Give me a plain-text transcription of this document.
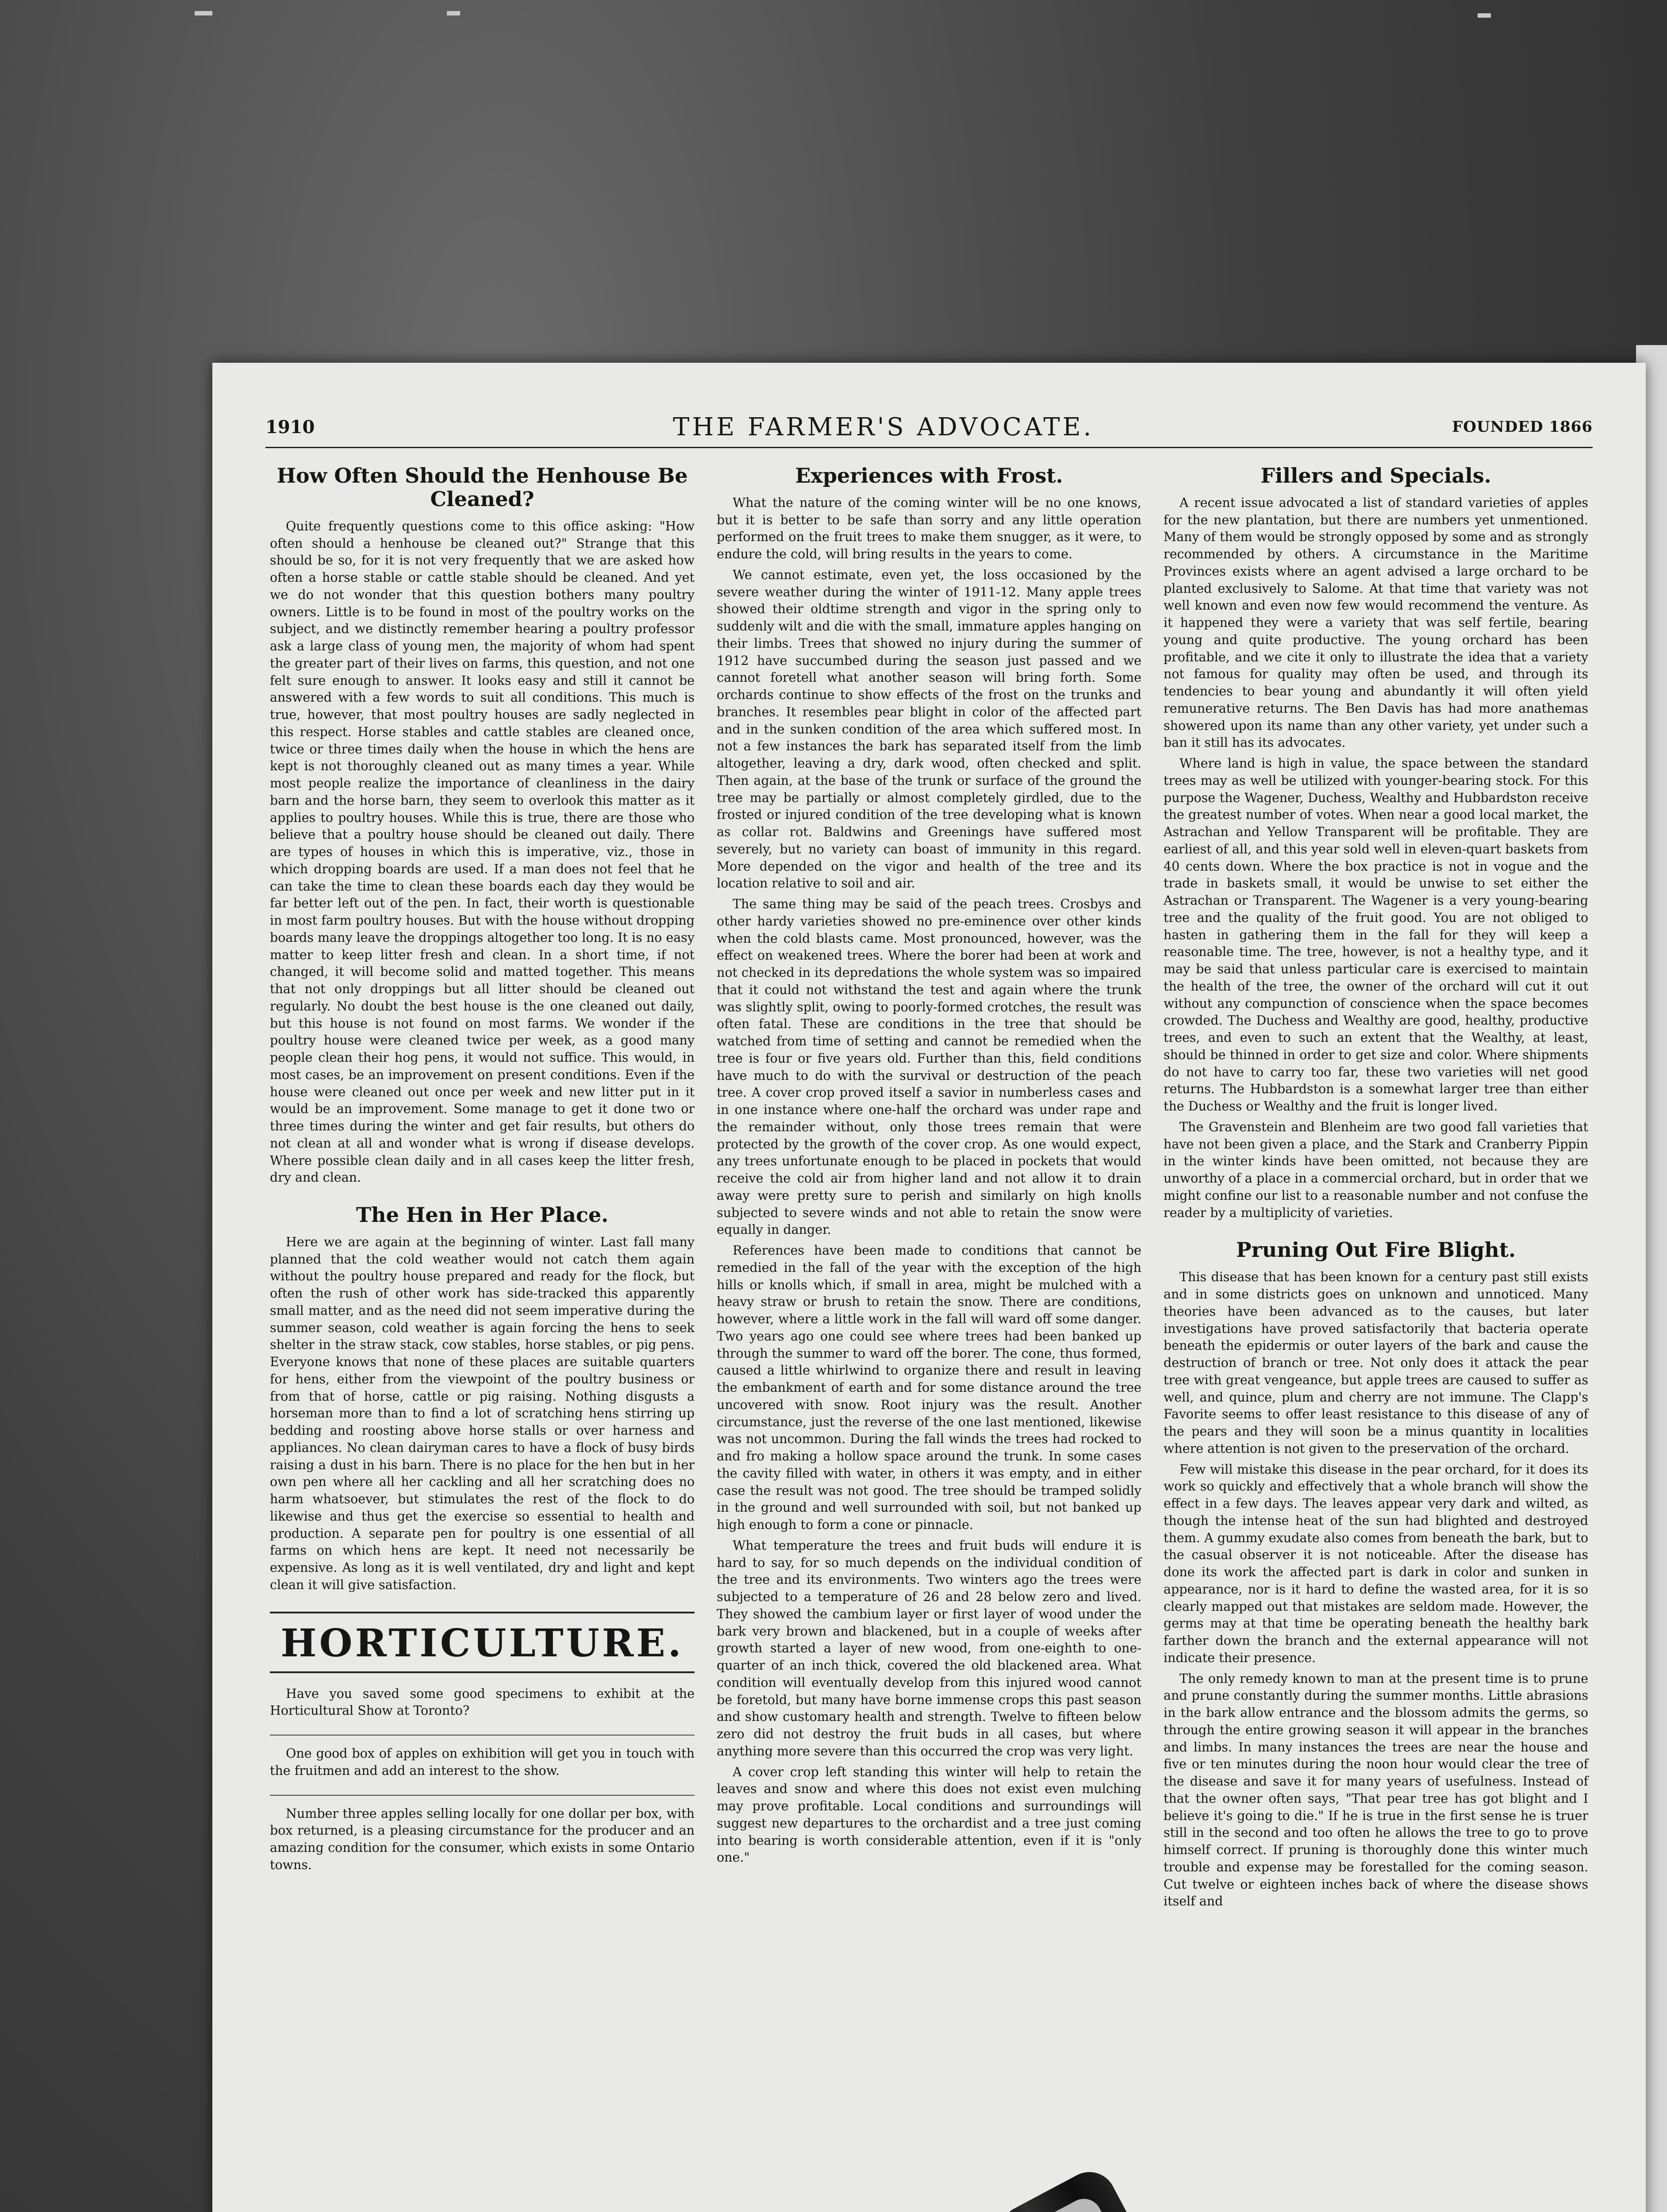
1910	THE FARMER'S ADVOCATE.	FOUNDED 1866
How Often Should the Henhouse Be Cleaned?

Quite frequently questions come to this office asking: "How often should a henhouse be cleaned out?" Strange that this should be so, for it is not very frequently that we are asked how often a horse stable or cattle stable should be cleaned. And yet we do not wonder that this question bothers many poultry owners. Little is to be found in most of the poultry works on the subject, and we distinctly remember hearing a poultry professor ask a large class of young men, the majority of whom had spent the greater part of their lives on farms, this question, and not one felt sure enough to answer. It looks easy and still it cannot be answered with a few words to suit all conditions. This much is true, however, that most poultry houses are sadly neglected in this respect. Horse stables and cattle stables are cleaned once, twice or three times daily when the house in which the hens are kept is not thoroughly cleaned out as many times a year. While most people realize the importance of cleanliness in the dairy barn and the horse barn, they seem to overlook this matter as it applies to poultry houses. While this is true, there are those who believe that a poultry house should be cleaned out daily. There are types of houses in which this is imperative, viz., those in which dropping boards are used. If a man does not feel that he can take the time to clean these boards each day they would be far better left out of the pen. In fact, their worth is questionable in most farm poultry houses. But with the house without dropping boards many leave the droppings altogether too long. It is no easy matter to keep litter fresh and clean. In a short time, if not changed, it will become solid and matted together. This means that not only droppings but all litter should be cleaned out regularly. No doubt the best house is the one cleaned out daily, but this house is not found on most farms. We wonder if the poultry house were cleaned twice per week, as a good many people clean their hog pens, it would not suffice. This would, in most cases, be an improvement on present conditions. Even if the house were cleaned out once per week and new litter put in it would be an improvement. Some manage to get it done two or three times during the winter and get fair results, but others do not clean at all and wonder what is wrong if disease develops. Where possible clean daily and in all cases keep the litter fresh, dry and clean.

The Hen in Her Place.

Here we are again at the beginning of winter. Last fall many planned that the cold weather would not catch them again without the poultry house prepared and ready for the flock, but often the rush of other work has side-tracked this apparently small matter, and as the need did not seem imperative during the summer season, cold weather is again forcing the hens to seek shelter in the straw stack, cow stables, horse stables, or pig pens. Everyone knows that none of these places are suitable quarters for hens, either from the viewpoint of the poultry business or from that of horse, cattle or pig raising. Nothing disgusts a horseman more than to find a lot of scratching hens stirring up bedding and roosting above horse stalls or over harness and appliances. No clean dairyman cares to have a flock of busy birds raising a dust in his barn. There is no place for the hen but in her own pen where all her cackling and all her scratching does no harm whatsoever, but stimulates the rest of the flock to do likewise and thus get the exercise so essential to health and production. A separate pen for poultry is one essential of all farms on which hens are kept. It need not necessarily be expensive. As long as it is well ventilated, dry and light and kept clean it will give satisfaction.

HORTICULTURE.

Have you saved some good specimens to exhibit at the Horticultural Show at Toronto?

One good box of apples on exhibition will get you in touch with the fruitmen and add an interest to the show.

Number three apples selling locally for one dollar per box, with box returned, is a pleasing circumstance for the producer and an amazing condition for the consumer, which exists in some Ontario towns.

Experiences with Frost.

What the nature of the coming winter will be no one knows, but it is better to be safe than sorry and any little operation performed on the fruit trees to make them snugger, as it were, to endure the cold, will bring results in the years to come.

We cannot estimate, even yet, the loss occasioned by the severe weather during the winter of 1911-12. Many apple trees showed their oldtime strength and vigor in the spring only to suddenly wilt and die with the small, immature apples hanging on their limbs. Trees that showed no injury during the summer of 1912 have succumbed during the season just passed and we cannot foretell what another season will bring forth. Some orchards continue to show effects of the frost on the trunks and branches. It resembles pear blight in color of the affected part and in the sunken condition of the area which suffered most. In not a few instances the bark has separated itself from the limb altogether, leaving a dry, dark wood, often checked and split. Then again, at the base of the trunk or surface of the ground the tree may be partially or almost completely girdled, due to the frosted or injured condition of the tree developing what is known as collar rot. Baldwins and Greenings have suffered most severely, but no variety can boast of immunity in this regard. More depended on the vigor and health of the tree and its location relative to soil and air.

The same thing may be said of the peach trees. Crosbys and other hardy varieties showed no pre-eminence over other kinds when the cold blasts came. Most pronounced, however, was the effect on weakened trees. Where the borer had been at work and not checked in its depredations the whole system was so impaired that it could not withstand the test and again where the trunk was slightly split, owing to poorly-formed crotches, the result was often fatal. These are conditions in the tree that should be watched from time of setting and cannot be remedied when the tree is four or five years old. Further than this, field conditions have much to do with the survival or destruction of the peach tree. A cover crop proved itself a savior in numberless cases and in one instance where one-half the orchard was under rape and the remainder without, only those trees remain that were protected by the growth of the cover crop. As one would expect, any trees unfortunate enough to be placed in pockets that would receive the cold air from higher land and not allow it to drain away were pretty sure to perish and similarly on high knolls subjected to severe winds and not able to retain the snow were equally in danger.

References have been made to conditions that cannot be remedied in the fall of the year with the exception of the high hills or knolls which, if small in area, might be mulched with a heavy straw or brush to retain the snow. There are conditions, however, where a little work in the fall will ward off some danger. Two years ago one could see where trees had been banked up through the summer to ward off the borer. The cone, thus formed, caused a little whirlwind to organize there and result in leaving the embankment of earth and for some distance around the tree uncovered with snow. Root injury was the result. Another circumstance, just the reverse of the one last mentioned, likewise was not uncommon. During the fall winds the trees had rocked to and fro making a hollow space around the trunk. In some cases the cavity filled with water, in others it was empty, and in either case the result was not good. The tree should be tramped solidly in the ground and well surrounded with soil, but not banked up high enough to form a cone or pinnacle.

What temperature the trees and fruit buds will endure it is hard to say, for so much depends on the individual condition of the tree and its environments. Two winters ago the trees were subjected to a temperature of 26 and 28 below zero and lived. They showed the cambium layer or first layer of wood under the bark very brown and blackened, but in a couple of weeks after growth started a layer of new wood, from one-eighth to one-quarter of an inch thick, covered the old blackened area. What condition will eventually develop from this injured wood cannot be foretold, but many have borne immense crops this past season and show customary health and strength. Twelve to fifteen below zero did not destroy the fruit buds in all cases, but where anything more severe than this occurred the crop was very light.

A cover crop left standing this winter will help to retain the leaves and snow and where this does not exist even mulching may prove profitable. Local conditions and surroundings will suggest new departures to the orchardist and a tree just coming into bearing is worth considerable attention, even if it is "only one."

Fillers and Specials.

A recent issue advocated a list of standard varieties of apples for the new plantation, but there are numbers yet unmentioned. Many of them would be strongly opposed by some and as strongly recommended by others. A circumstance in the Maritime Provinces exists where an agent advised a large orchard to be planted exclusively to Salome. At that time that variety was not well known and even now few would recommend the venture. As it happened they were a variety that was self fertile, bearing young and quite productive. The young orchard has been profitable, and we cite it only to illustrate the idea that a variety not famous for quality may often be used, and through its tendencies to bear young and abundantly it will often yield remunerative returns. The Ben Davis has had more anathemas showered upon its name than any other variety, yet under such a ban it still has its advocates.

Where land is high in value, the space between the standard trees may as well be utilized with younger-bearing stock. For this purpose the Wagener, Duchess, Wealthy and Hubbardston receive the greatest number of votes. When near a good local market, the Astrachan and Yellow Transparent will be profitable. They are earliest of all, and this year sold well in eleven-quart baskets from 40 cents down. Where the box practice is not in vogue and the trade in baskets small, it would be unwise to set either the Astrachan or Transparent. The Wagener is a very young-bearing tree and the quality of the fruit good. You are not obliged to hasten in gathering them in the fall for they will keep a reasonable time. The tree, however, is not a healthy type, and it may be said that unless particular care is exercised to maintain the health of the tree, the owner of the orchard will cut it out without any compunction of conscience when the space becomes crowded. The Duchess and Wealthy are good, healthy, productive trees, and even to such an extent that the Wealthy, at least, should be thinned in order to get size and color. Where shipments do not have to carry too far, these two varieties will net good returns. The Hubbardston is a somewhat larger tree than either the Duchess or Wealthy and the fruit is longer lived.

The Gravenstein and Blenheim are two good fall varieties that have not been given a place, and the Stark and Cranberry Pippin in the winter kinds have been omitted, not because they are unworthy of a place in a commercial orchard, but in order that we might confine our list to a reasonable number and not confuse the reader by a multiplicity of varieties.

Pruning Out Fire Blight.

This disease that has been known for a century past still exists and in some districts goes on unknown and unnoticed. Many theories have been advanced as to the causes, but later investigations have proved satisfactorily that bacteria operate beneath the epidermis or outer layers of the bark and cause the destruction of branch or tree. Not only does it attack the pear tree with great vengeance, but apple trees are caused to suffer as well, and quince, plum and cherry are not immune. The Clapp's Favorite seems to offer least resistance to this disease of any of the pears and they will soon be a minus quantity in localities where attention is not given to the preservation of the orchard.

Few will mistake this disease in the pear orchard, for it does its work so quickly and effectively that a whole branch will show the effect in a few days. The leaves appear very dark and wilted, as though the intense heat of the sun had blighted and destroyed them. A gummy exudate also comes from beneath the bark, but to the casual observer it is not noticeable. After the disease has done its work the affected part is dark in color and sunken in appearance, nor is it hard to define the wasted area, for it is so clearly mapped out that mistakes are seldom made. However, the germs may at that time be operating beneath the healthy bark farther down the branch and the external appearance will not indicate their presence.

The only remedy known to man at the present time is to prune and prune constantly during the summer months. Little abrasions in the bark allow entrance and the blossom admits the germs, so through the entire growing season it will appear in the branches and limbs. In many instances the trees are near the house and five or ten minutes during the noon hour would clear the tree of the disease and save it for many years of usefulness. Instead of that the owner often says, "That pear tree has got blight and I believe it's going to die." If he is true in the first sense he is truer still in the second and too often he allows the tree to go to prove himself correct. If pruning is thoroughly done this winter much trouble and expense may be forestalled for the coming season. Cut twelve or eighteen inches back of where the disease shows itself and
